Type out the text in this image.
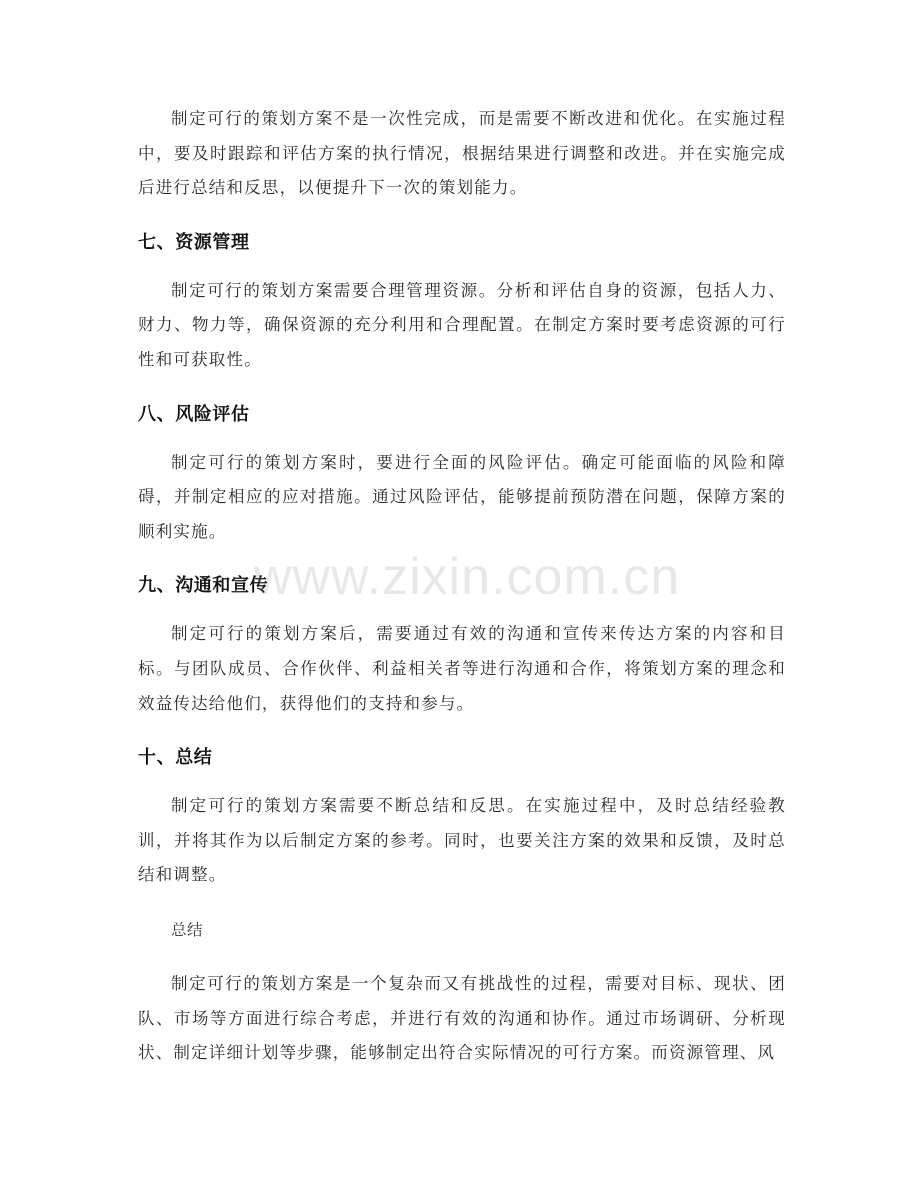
制定可行的策划方案不是一次性完成，而是需要不断改进和优化。在实施过程中，要及时跟踪和评估方案的执行情况，根据结果进行调整和改进。并在实施完成后进行总结和反思，以便提升下一次的策划能力。

七、资源管理

制定可行的策划方案需要合理管理资源。分析和评估自身的资源，包括人力、财力、物力等，确保资源的充分利用和合理配置。在制定方案时要考虑资源的可行性和可获取性。

八、风险评估

制定可行的策划方案时，要进行全面的风险评估。确定可能面临的风险和障碍，并制定相应的应对措施。通过风险评估，能够提前预防潜在问题，保障方案的顺利实施。

九、沟通和宣传

制定可行的策划方案后，需要通过有效的沟通和宣传来传达方案的内容和目标。与团队成员、合作伙伴、利益相关者等进行沟通和合作，将策划方案的理念和效益传达给他们，获得他们的支持和参与。

十、总结

制定可行的策划方案需要不断总结和反思。在实施过程中，及时总结经验教训，并将其作为以后制定方案的参考。同时，也要关注方案的效果和反馈，及时总结和调整。

总结

制定可行的策划方案是一个复杂而又有挑战性的过程，需要对目标、现状、团队、市场等方面进行综合考虑，并进行有效的沟通和协作。通过市场调研、分析现状、制定详细计划等步骤，能够制定出符合实际情况的可行方案。而资源管理、风

www.zixin.com.cn
